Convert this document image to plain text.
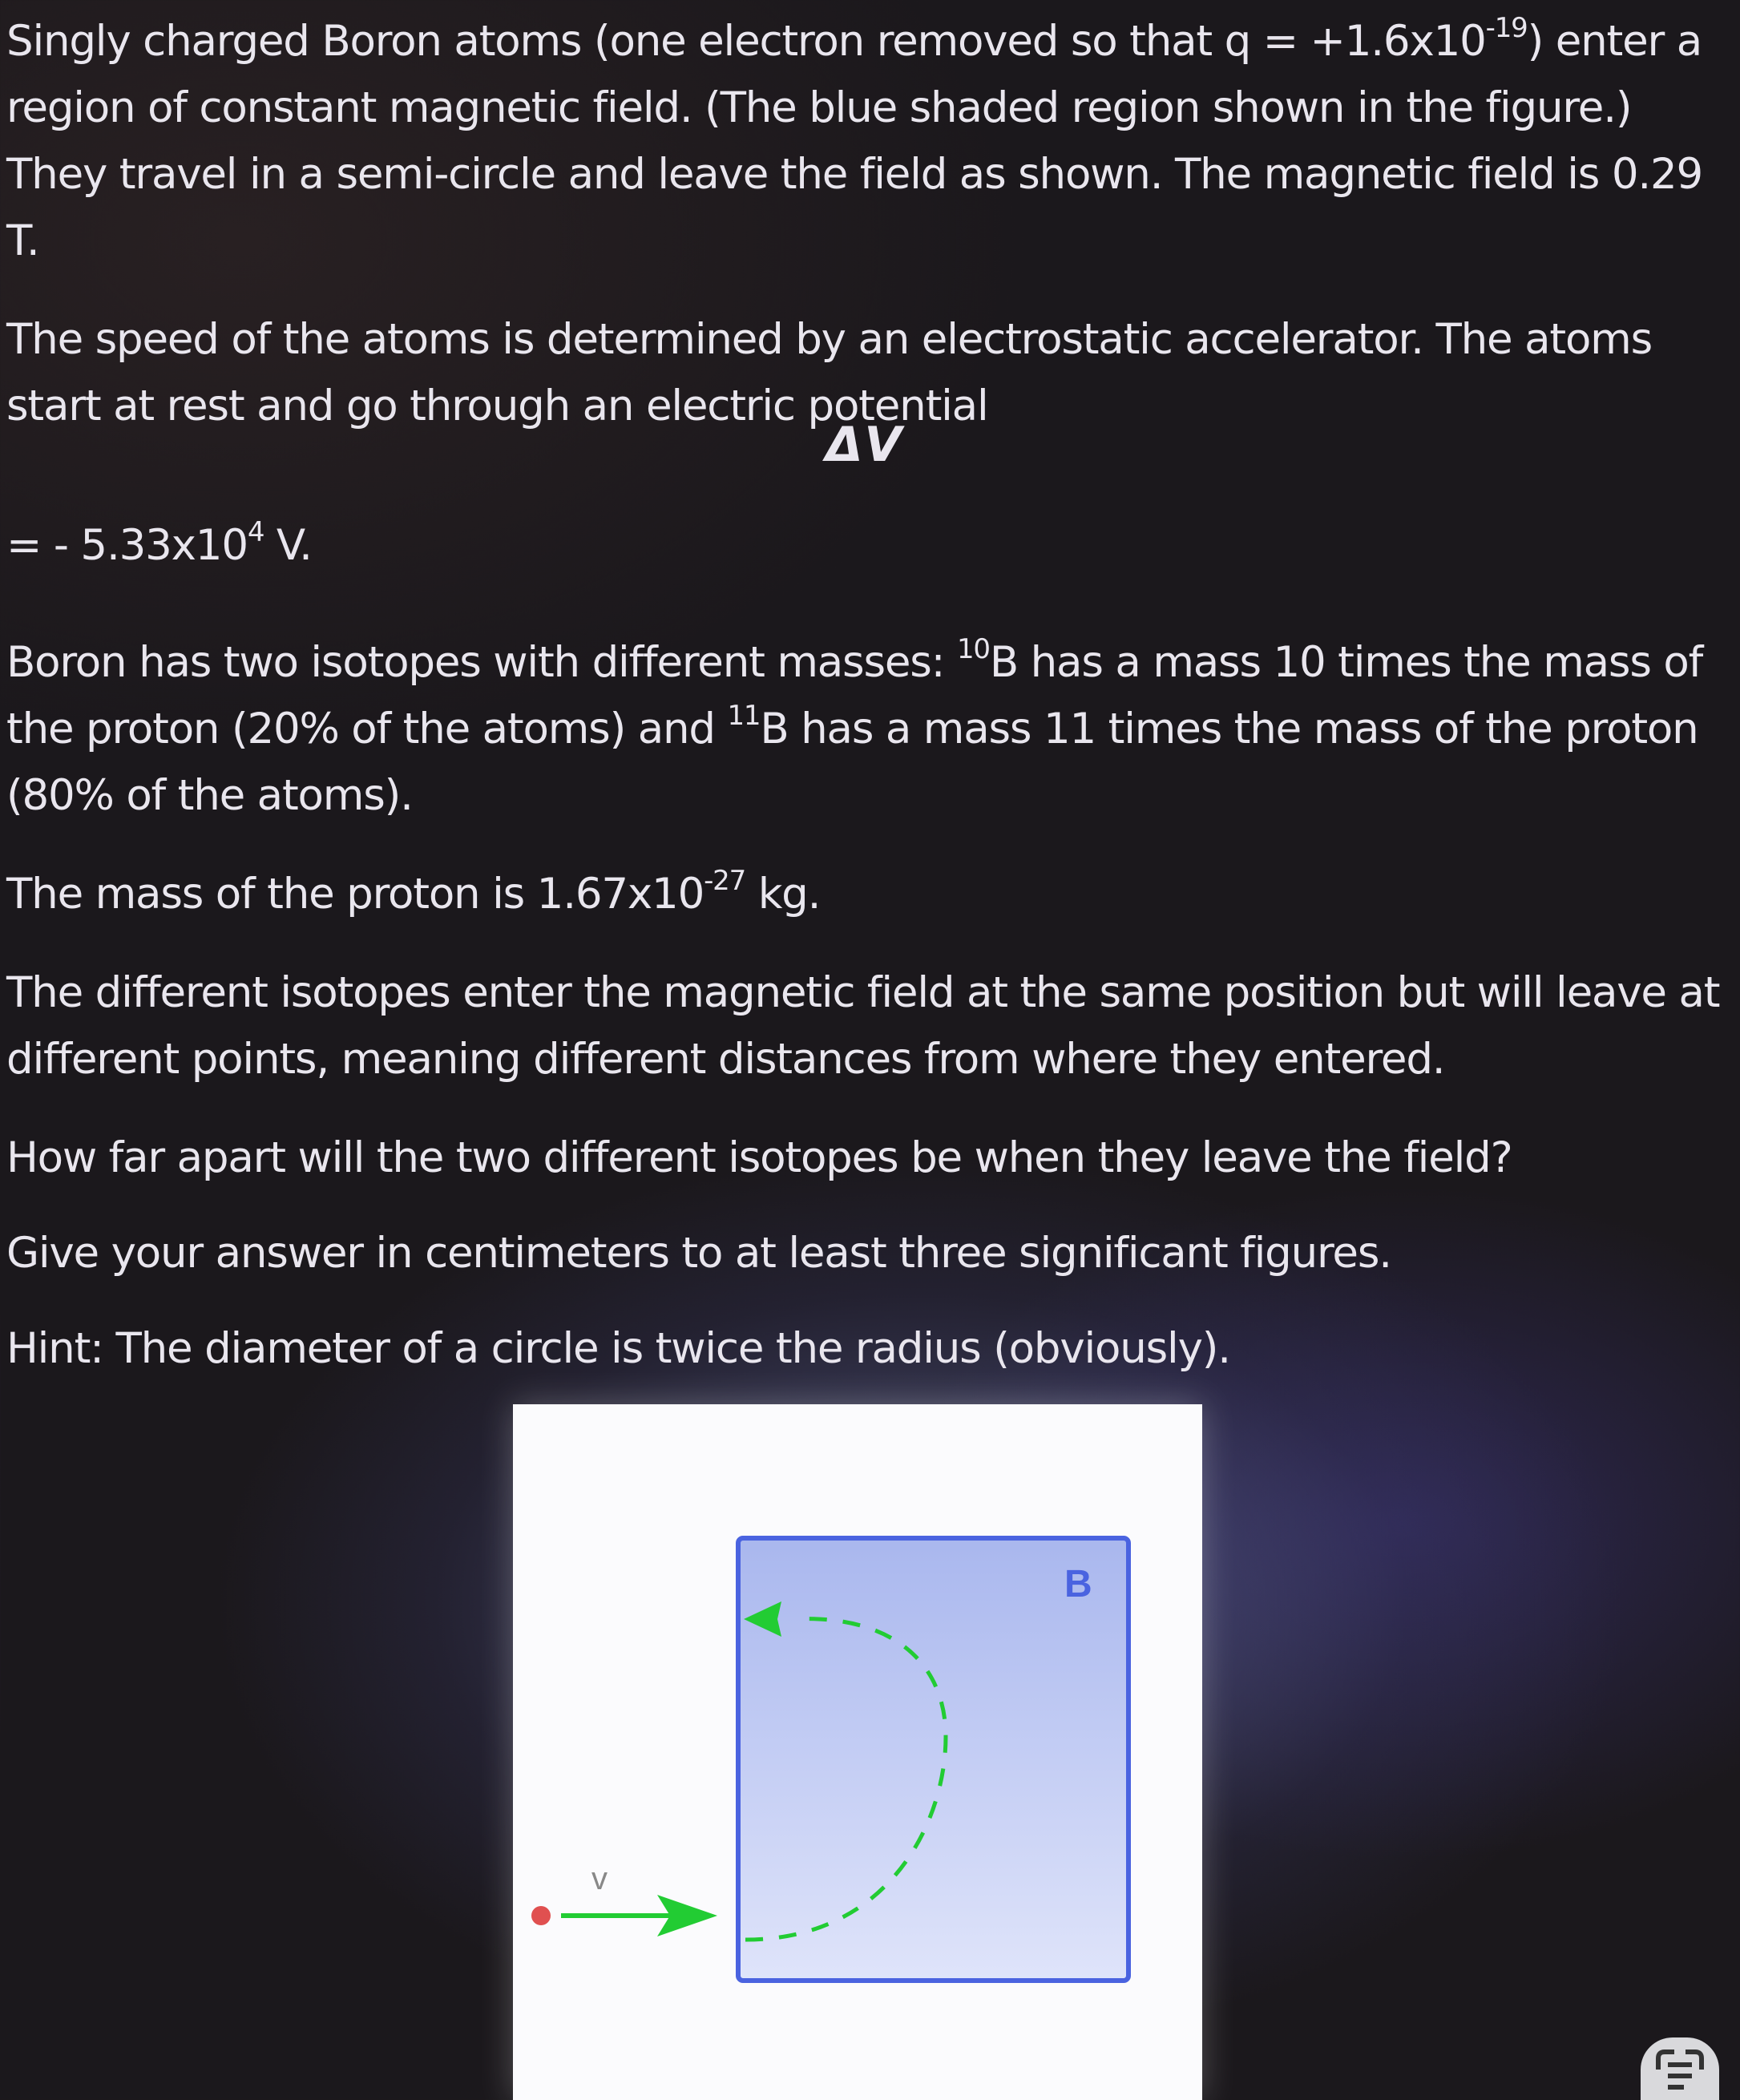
Singly charged Boron atoms (one electron removed so that $q = +1.6x10^{-19}$) enter a region of constant magnetic field. (The blue shaded region shown in the figure.) They travel in a semi-circle and leave the field as shown. The magnetic field is 0.29 T.

The speed of the atoms is determined by an electrostatic accelerator. The atoms start at rest and go through an electric potential

ΔV
= - $5.33x10^4$ V.

Boron has two isotopes with different masses: $^{10}$B has a mass 10 times the mass of the proton (20% of the atoms) and $^{11}$B has a mass 11 times the mass of the proton (80% of the atoms).

The mass of the proton is $1.67x10^{-27}$ kg.

The different isotopes enter the magnetic field at the same position but will leave at different points, meaning different distances from where they entered.

How far apart will the two different isotopes be when they leave the field?

Give your answer in centimeters to at least three significant figures.

Hint: The diameter of a circle is twice the radius (obviously).

B
v
